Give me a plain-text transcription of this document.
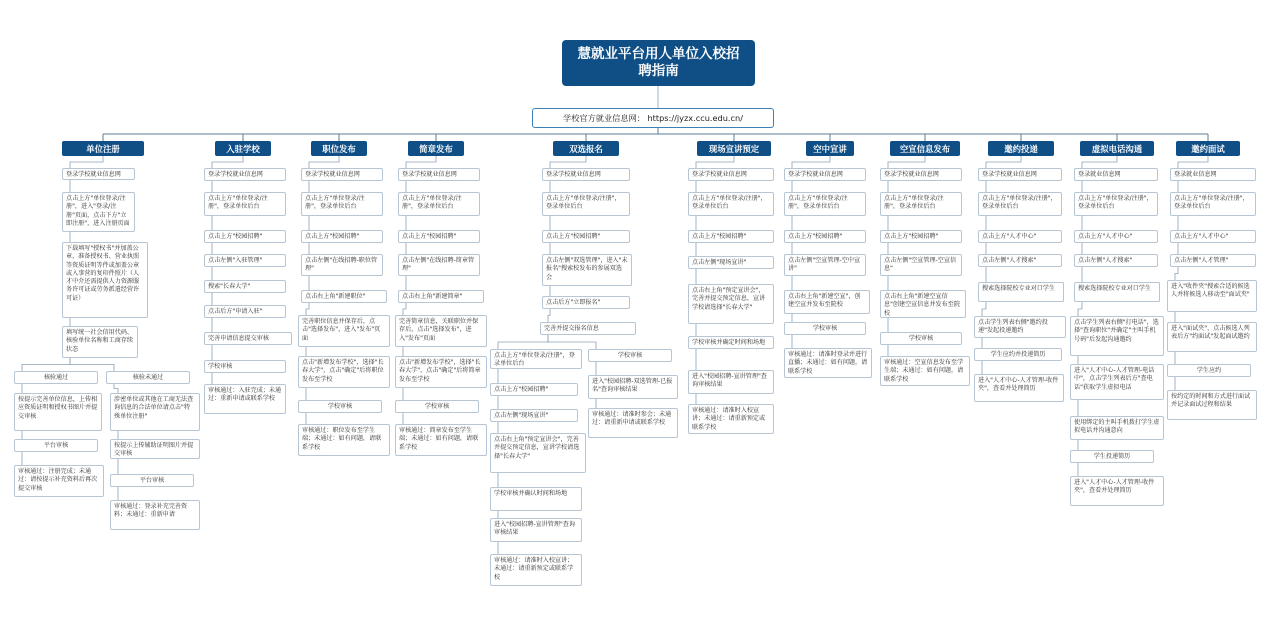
慧就业平台用人单位入校招聘指南
学校官方就业信息网： https://jyzx.ccu.edu.cn/
单位注册
登录学校就业信息网
点击上方"单位登录/注册"，进入"登录/注册"页面，点击下方"立即注册"，进入注册页面
下载填写"授权书"并加盖公章，准备授权书、营业执照等资质证明等件或加盖公章或入事营的复印件照片（人才中介还需提供人力资源服务许可证或劳务派遣经营许可证）
填写统一社会信用代码、核验单位名称和工商存续状态
核验通过	核验未通过
按提示完善单位信息，上传相应资质证明和授权书图片并提交审核
涉密单位或其他在工商无法查询信息的合法单位请点击"特殊单位注册"
平台审核	按提示上传辅助证明图片并提交审核
审核通过：注册完成；未通过：请按提示补充资料后再次提交审核
平台审核
审核通过：登录补充完善资料；未通过：重新申请
入驻学校
登录学校就业信息网
点击上方"单位登录/注册"，登录单位后台
点击上方"校园招聘"
点击左侧"入驻管理"
搜索"长春大学"
点击后方"申请入驻"
完善申请信息提交审核
学校审核
审核通过：入驻完成；未通过：重新申请或联系学校
职位发布
登录学校就业信息网
点击上方"单位登录/注册"，登录单位后台
点击上方"校园招聘"
点击左侧"在线招聘-职位管理"
点击右上角"新建职位"
完善职位信息并保存后，点击"选择发布"，进入"发布"页面
点击"新增发布学校"，选择"长春大学"，点击"确定"后将职位发布至学校
学校审核
审核通过：职位发布至学生端；未通过：如有问题，请联系学校
简章发布
登录学校就业信息网
点击上方"单位登录/注册"，登录单位后台
点击上方"校园招聘"
点击左侧"在线招聘-简章管理"
点击右上角"新建简章"
完善简章信息，关联职位并保存后，点击"选择发布"，进入"发布"页面
点击"新增发布学校"，选择"长春大学"，点击"确定"后将简章发布至学校
学校审核
审核通过：简章发布至学生端；未通过：如有问题，请联系学校
双选报名
登录学校就业信息网
点击上方"单位登录/注册"，登录单位后台
点击上方"校园招聘"
点击左侧"双选管理"，进入"未报名"搜索校发布的参展双选会
点击后方"立即报名"
完善并提交报名信息
点击上方"单位登录/注册"，登录单位后台
点击上方"校园招聘"
点击左侧"现场宣讲"
点击右上角"预定宣讲会"，完善并提交预定信息，宣讲学校请选择"长春大学"
学校审核并确认时间和场地
进入"校园招聘-宣讲管理"查询审核结果
审核通过：请准时入校宣讲；未通过：请重新预定或联系学校
学校审核
进入"校园招聘-双选管理-已报名"查询审核结果
审核通过：请准时参会；未通过：请重新申请或联系学校
现场宣讲预定
登录学校就业信息网
点击上方"单位登录/注册"，登录单位后台
点击上方"校园招聘"
点击左侧"现场宣讲"
点击右上角"预定宣讲会"，完善并提交预定信息，宣讲学校请选择"长春大学"
学校审核并确定时间和场地
进入"校园招聘-宣讲管理"查询审核结果
审核通过：请准时入校宣讲；未通过：请重新预定或联系学校
空中宣讲
登录学校就业信息网
点击上方"单位登录/注册"，登录单位后台
点击上方"校园招聘"
点击左侧"空宣管理-空中宣讲"
点击右上角"新建空宣"，创建空宣并发布至院校
学校审核
审核通过：请准时登录并进行直播；未通过：如有问题，请联系学校
空宣信息发布
登录学校就业信息网
点击上方"单位登录/注册"，登录单位后台
点击上方"校园招聘"
点击左侧"空宣管理-空宣信息"
点击右上角"新建空宣信息"创建空宣信息并发布至院校
学校审核
审核通过：空宣信息发布至学生端；未通过：如有问题，请联系学校
邀约投递
登录学校就业信息网
点击上方"单位登录/注册"，登录单位后台
点击上方"人才中心"
点击左侧"人才搜索"
搜索选择院校专业对口学生
点击学生列表右侧"邀约投递"发起投递邀约
学生应约并投递简历
进入"人才中心-人才管理-收件夹"，查看并处理简历
虚拟电话沟通
登录就业信息网
点击上方"单位登录/注册"，登录单位后台
点击上方"人才中心"
点击左侧"人才搜索"
搜索选择院校专业对口学生
点击学生列表右侧"打电话"，选择"查询职位"并确定"主叫手机号码"后发起沟通邀约
进入"人才中心-人才管理-电话中"，点击学生列表后方"查电话"获取学生虚拟电话
使用绑定的主叫手机拨打学生虚拟电话并沟通意向
学生投递简历
进入"人才中心-人才管理-收件夹"，查看并处理简历
邀约面试
登录就业信息网
点击上方"单位登录/注册"，登录单位后台
点击上方"人才中心"
点击左侧"人才管理"
进入"收件夹"搜索合适的候选人并将候选人移动至"面试夹"
进入"面试夹"，点击候选人列表后方"约面试"发起面试邀约
学生应约
按约定的时间和方式进行面试并记录面试过程和结果
